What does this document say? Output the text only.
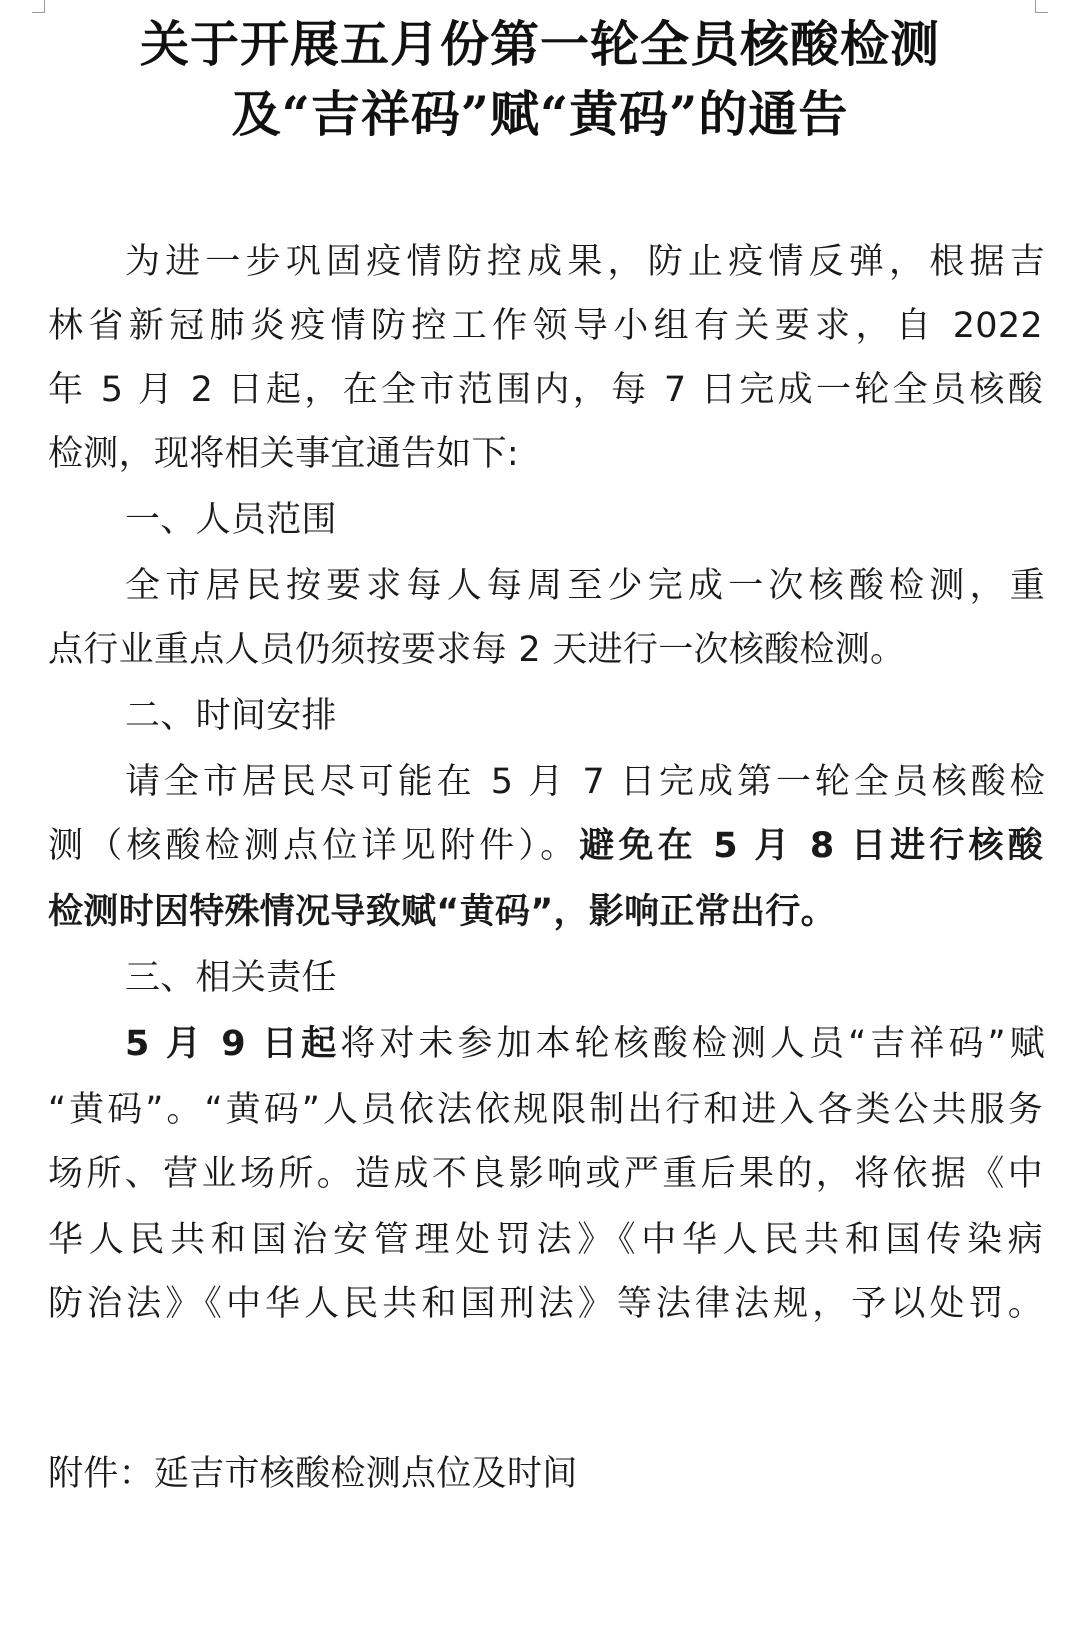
关于开展五月份第一轮全员核酸检测
及“吉祥码”赋“黄码”的通告
为进一步巩固疫情防控成果，防止疫情反弹，根据吉
林省新冠肺炎疫情防控工作领导小组有关要求，自 2022
年 5 月 2 日起，在全市范围内，每 7 日完成一轮全员核酸
检测，现将相关事宜通告如下:
一、人员范围
全市居民按要求每人每周至少完成一次核酸检测，重
点行业重点人员仍须按要求每 2 天进行一次核酸检测。
二、时间安排
请全市居民尽可能在 5 月 7 日完成第一轮全员核酸检
测（核酸检测点位详见附件）。避免在 5 月 8 日进行核酸
检测时因特殊情况导致赋“黄码”，影响正常出行。
三、相关责任
5 月 9 日起将对未参加本轮核酸检测人员“吉祥码”赋
“黄码”。“黄码”人员依法依规限制出行和进入各类公共服务
场所、营业场所。造成不良影响或严重后果的，将依据《中
华人民共和国治安管理处罚法》《中华人民共和国传染病
防治法》《中华人民共和国刑法》等法律法规，予以处罚。
附件：延吉市核酸检测点位及时间
